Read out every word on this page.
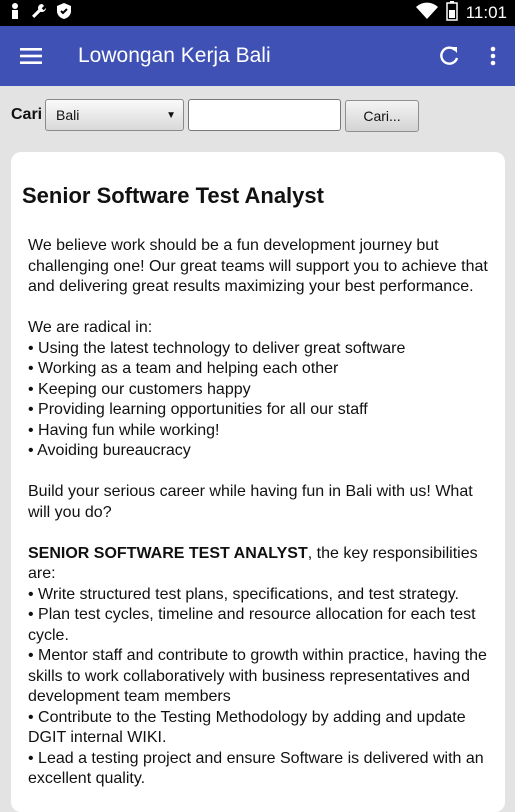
11:01
Lowongan Kerja Bali
Cari Bali	▼	Cari...
Senior Software Test Analyst
We believe work should be a fun development journey but challenging one! Our great teams will support you to achieve that and delivering great results maximizing your best performance.
We are radical in:
• Using the latest technology to deliver great software
• Working as a team and helping each other
• Keeping our customers happy
• Providing learning opportunities for all our staff
• Having fun while working!
• Avoiding bureaucracy
Build your serious career while having fun in Bali with us! What will you do?
SENIOR SOFTWARE TEST ANALYST, the key responsibilities are:
• Write structured test plans, specifications, and test strategy.
• Plan test cycles, timeline and resource allocation for each test cycle.
• Mentor staff and contribute to growth within practice, having the skills to work collaboratively with business representatives and development team members
• Contribute to the Testing Methodology by adding and update DGIT internal WIKI.
• Lead a testing project and ensure Software is delivered with an excellent quality.
